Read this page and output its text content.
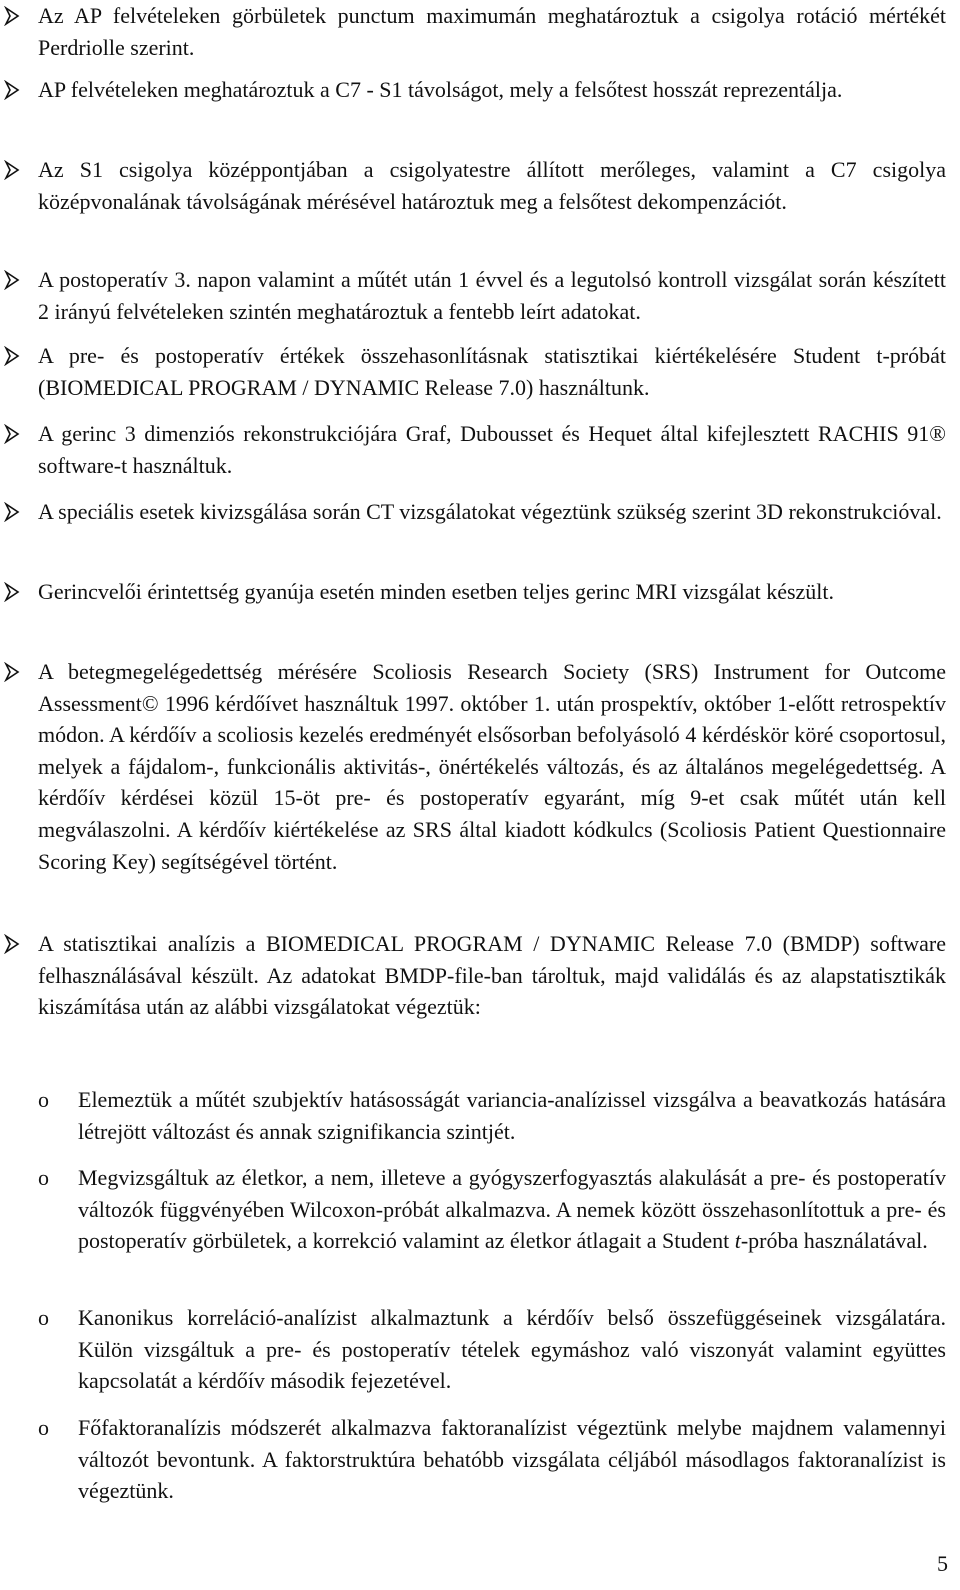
Az AP felvételeken görbületek punctum maximumán meghatároztuk a csigolya rotáció mértékét Perdriolle szerint.
AP felvételeken meghatároztuk a C7 - S1 távolságot, mely a felsőtest hosszát reprezentálja.
Az S1 csigolya középpontjában a csigolyatestre állított merőleges, valamint a C7 csigolya középvonalának távolságának mérésével határoztuk meg a felsőtest dekompenzációt.
A postoperatív 3. napon valamint a műtét után 1 évvel és a legutolsó kontroll vizsgálat során készített 2 irányú felvételeken szintén meghatároztuk a fentebb leírt adatokat.
A pre- és postoperatív értékek összehasonlításnak statisztikai kiértékelésére Student t-próbát (BIOMEDICAL PROGRAM / DYNAMIC Release 7.0) használtunk.
A gerinc 3 dimenziós rekonstrukciójára Graf, Dubousset és Hequet által kifejlesztett RACHIS 91® software-t használtuk.
A speciális esetek kivizsgálása során CT vizsgálatokat végeztünk szükség szerint 3D rekonstrukcióval.
Gerincvelői érintettség gyanúja esetén minden esetben teljes gerinc MRI vizsgálat készült.
A betegmegelégedettség mérésére Scoliosis Research Society (SRS) Instrument for Outcome Assessment© 1996 kérdőívet használtuk 1997. október 1. után prospektív, október 1-előtt retrospektív módon. A kérdőív a scoliosis kezelés eredményét elsősorban befolyásoló 4 kérdéskör köré csoportosul, melyek a fájdalom-, funkcionális aktivitás-, önértékelés változás, és az általános megelégedettség. A kérdőív kérdései közül 15-öt pre- és postoperatív egyaránt, míg 9-et csak műtét után kell megválaszolni. A kérdőív kiértékelése az SRS által kiadott kódkulcs (Scoliosis Patient Questionnaire Scoring Key) segítségével történt.
A statisztikai analízis a BIOMEDICAL PROGRAM / DYNAMIC Release 7.0 (BMDP) software felhasználásával készült. Az adatokat BMDP-file-ban tároltuk, majd validálás és az alapstatisztikák kiszámítása után az alábbi vizsgálatokat végeztük:
o Elemeztük a műtét szubjektív hatásosságát variancia-analízissel vizsgálva a beavatkozás hatására létrejött változást és annak szignifikancia szintjét.
o Megvizsgáltuk az életkor, a nem, illeteve a gyógyszerfogyasztás alakulását a pre- és postoperatív változók függvényében Wilcoxon-próbát alkalmazva. A nemek között összehasonlítottuk a pre- és postoperatív görbületek, a korrekció valamint az életkor átlagait a Student t-próba használatával.
o Kanonikus korreláció-analízist alkalmaztunk a kérdőív belső összefüggéseinek vizsgálatára. Külön vizsgáltuk a pre- és postoperatív tételek egymáshoz való viszonyát valamint együttes kapcsolatát a kérdőív második fejezetével.
o Főfaktoranalízis módszerét alkalmazva faktoranalízist végeztünk melybe majdnem valamennyi változót bevontunk. A faktorstruktúra behatóbb vizsgálata céljából másodlagos faktoranalízist is végeztünk.
5
